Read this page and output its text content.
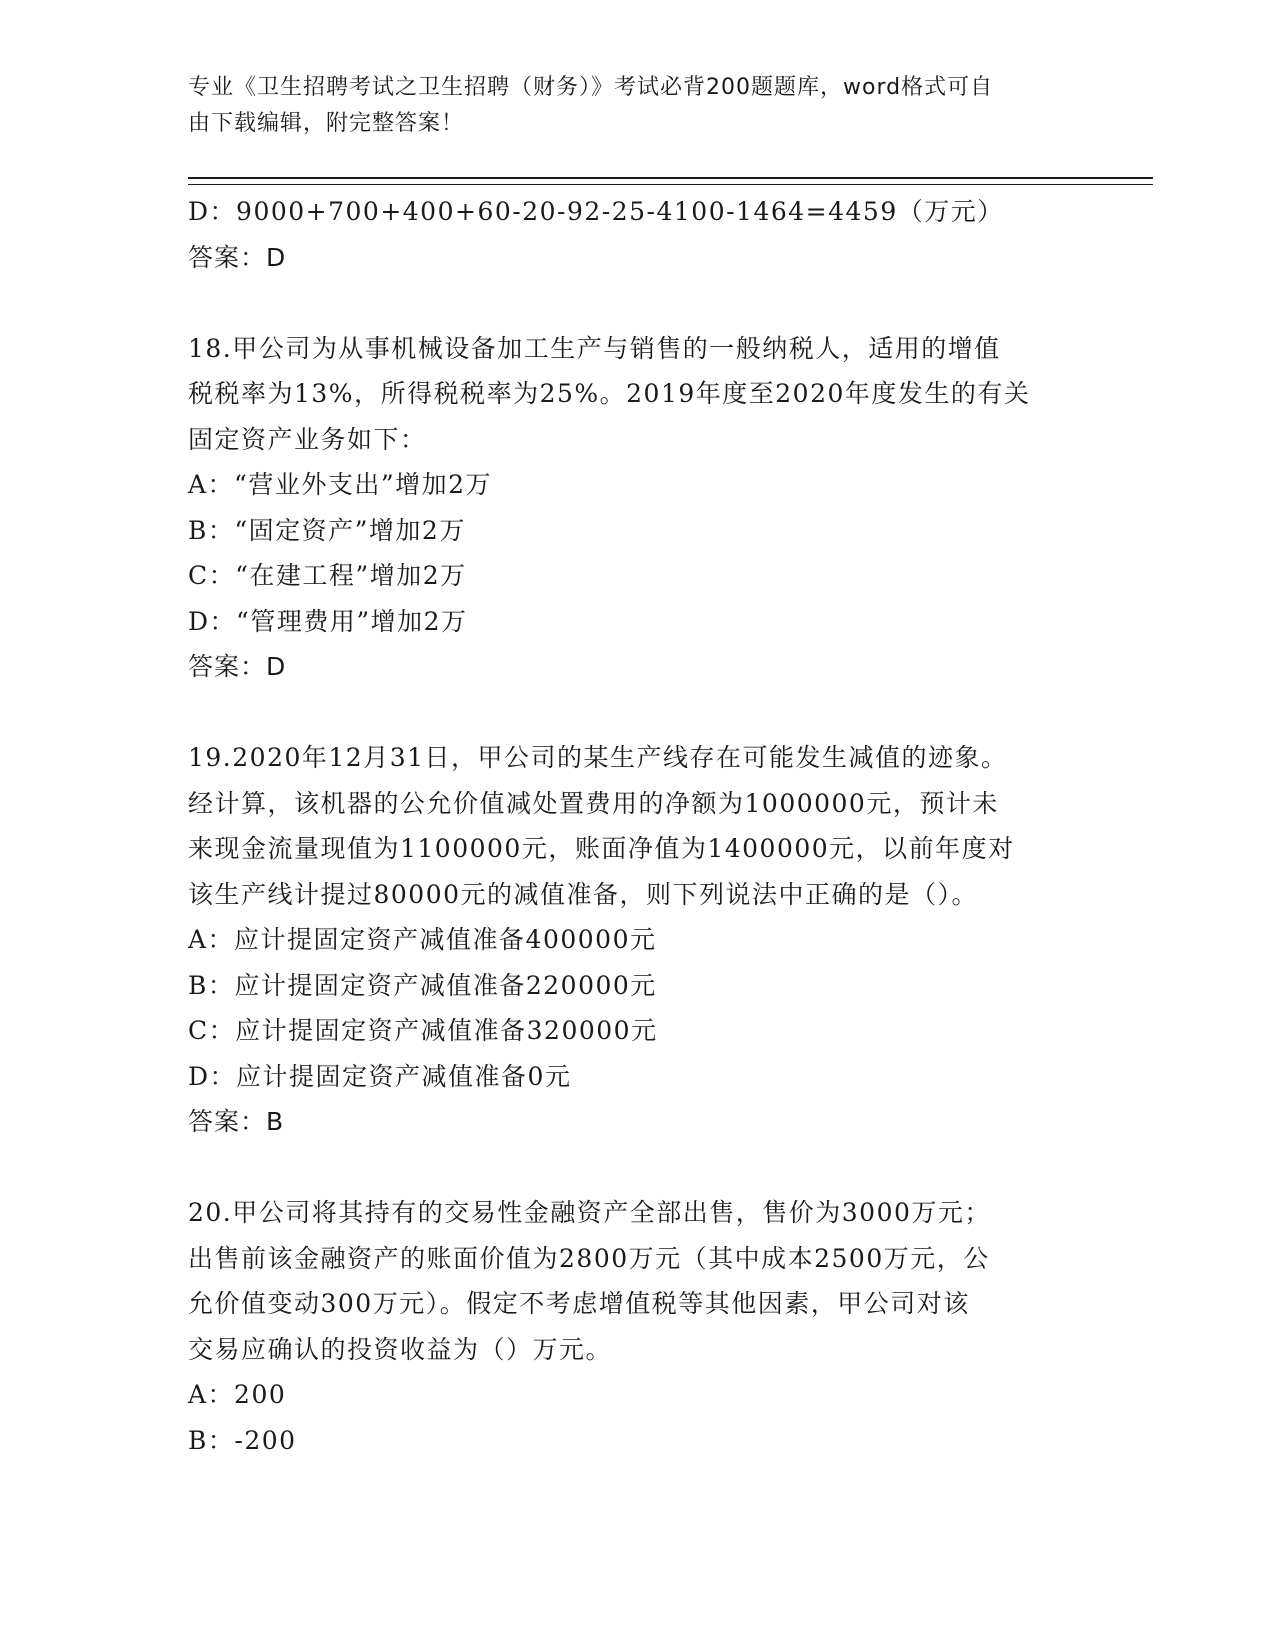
专业《卫生招聘考试之卫生招聘（财务）》考试必背200题题库，word格式可自
由下载编辑，附完整答案！
D：9000+700+400+60-20-92-25-4100-1464=4459（万元）
答案：D
18.甲公司为从事机械设备加工生产与销售的一般纳税人，适用的增值
税税率为13%，所得税税率为25%。2019年度至2020年度发生的有关
固定资产业务如下：
A：“营业外支出”增加2万
B：“固定资产”增加2万
C：“在建工程”增加2万
D：“管理费用”增加2万
答案：D
19.2020年12月31日，甲公司的某生产线存在可能发生减值的迹象。
经计算，该机器的公允价值减处置费用的净额为1000000元，预计未
来现金流量现值为1100000元，账面净值为1400000元，以前年度对
该生产线计提过80000元的减值准备，则下列说法中正确的是（）。
A：应计提固定资产减值准备400000元
B：应计提固定资产减值准备220000元
C：应计提固定资产减值准备320000元
D：应计提固定资产减值准备0元
答案：B
20.甲公司将其持有的交易性金融资产全部出售，售价为3000万元；
出售前该金融资产的账面价值为2800万元（其中成本2500万元，公
允价值变动300万元）。假定不考虑增值税等其他因素，甲公司对该
交易应确认的投资收益为（）万元。
A：200
B：-200
